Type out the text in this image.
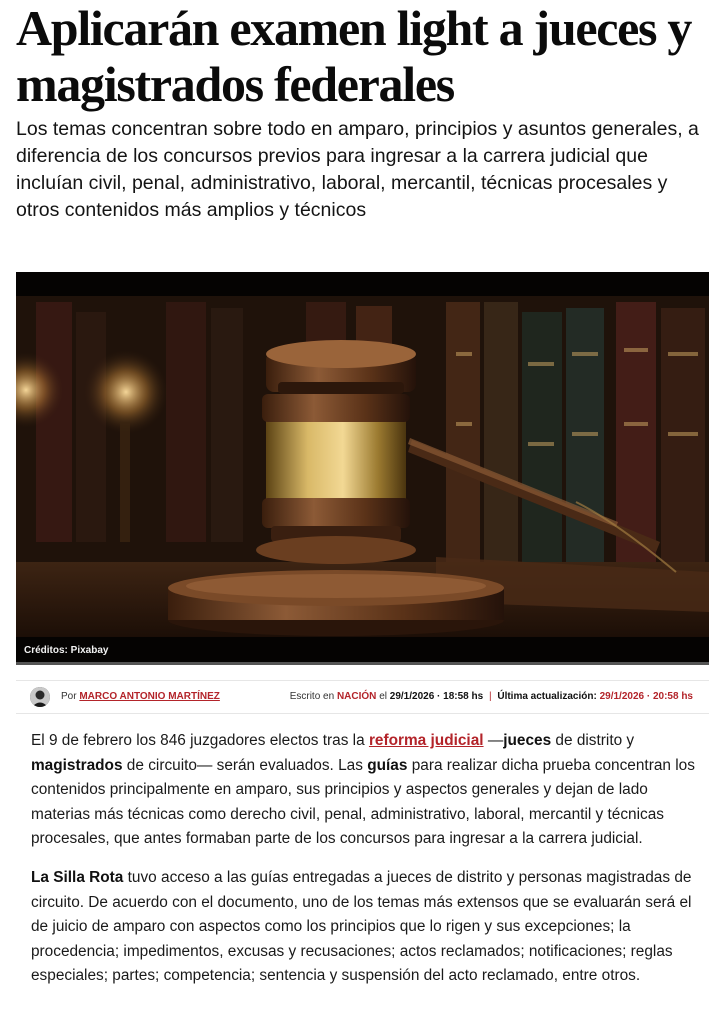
Aplicarán examen light a jueces y magistrados federales

Los temas concentran sobre todo en amparo, principios y asuntos generales, a diferencia de los concursos previos para ingresar a la carrera judicial que incluían civil, penal, administrativo, laboral, mercantil, técnicas procesales y otros contenidos más amplios y técnicos

Créditos: Pixabay
Por MARCO ANTONIO MARTÍNEZ	Escrito en NACIÓN el 29/1/2026 · 18:58 hs | Última actualización: 29/1/2026 · 20:58 hs

El 9 de febrero los 846 juzgadores electos tras la reforma judicial —jueces de distrito y magistrados de circuito— serán evaluados. Las guías para realizar dicha prueba concentran los contenidos principalmente en amparo, sus principios y aspectos generales y dejan de lado materias más técnicas como derecho civil, penal, administrativo, laboral, mercantil y técnicas procesales, que antes formaban parte de los concursos para ingresar a la carrera judicial.

La Silla Rota tuvo acceso a las guías entregadas a jueces de distrito y personas magistradas de circuito. De acuerdo con el documento, uno de los temas más extensos que se evaluarán será el de juicio de amparo con aspectos como los principios que lo rigen y sus excepciones; la procedencia; impedimentos, excusas y recusaciones; actos reclamados; notificaciones; reglas especiales; partes; competencia; sentencia y suspensión del acto reclamado, entre otros.
